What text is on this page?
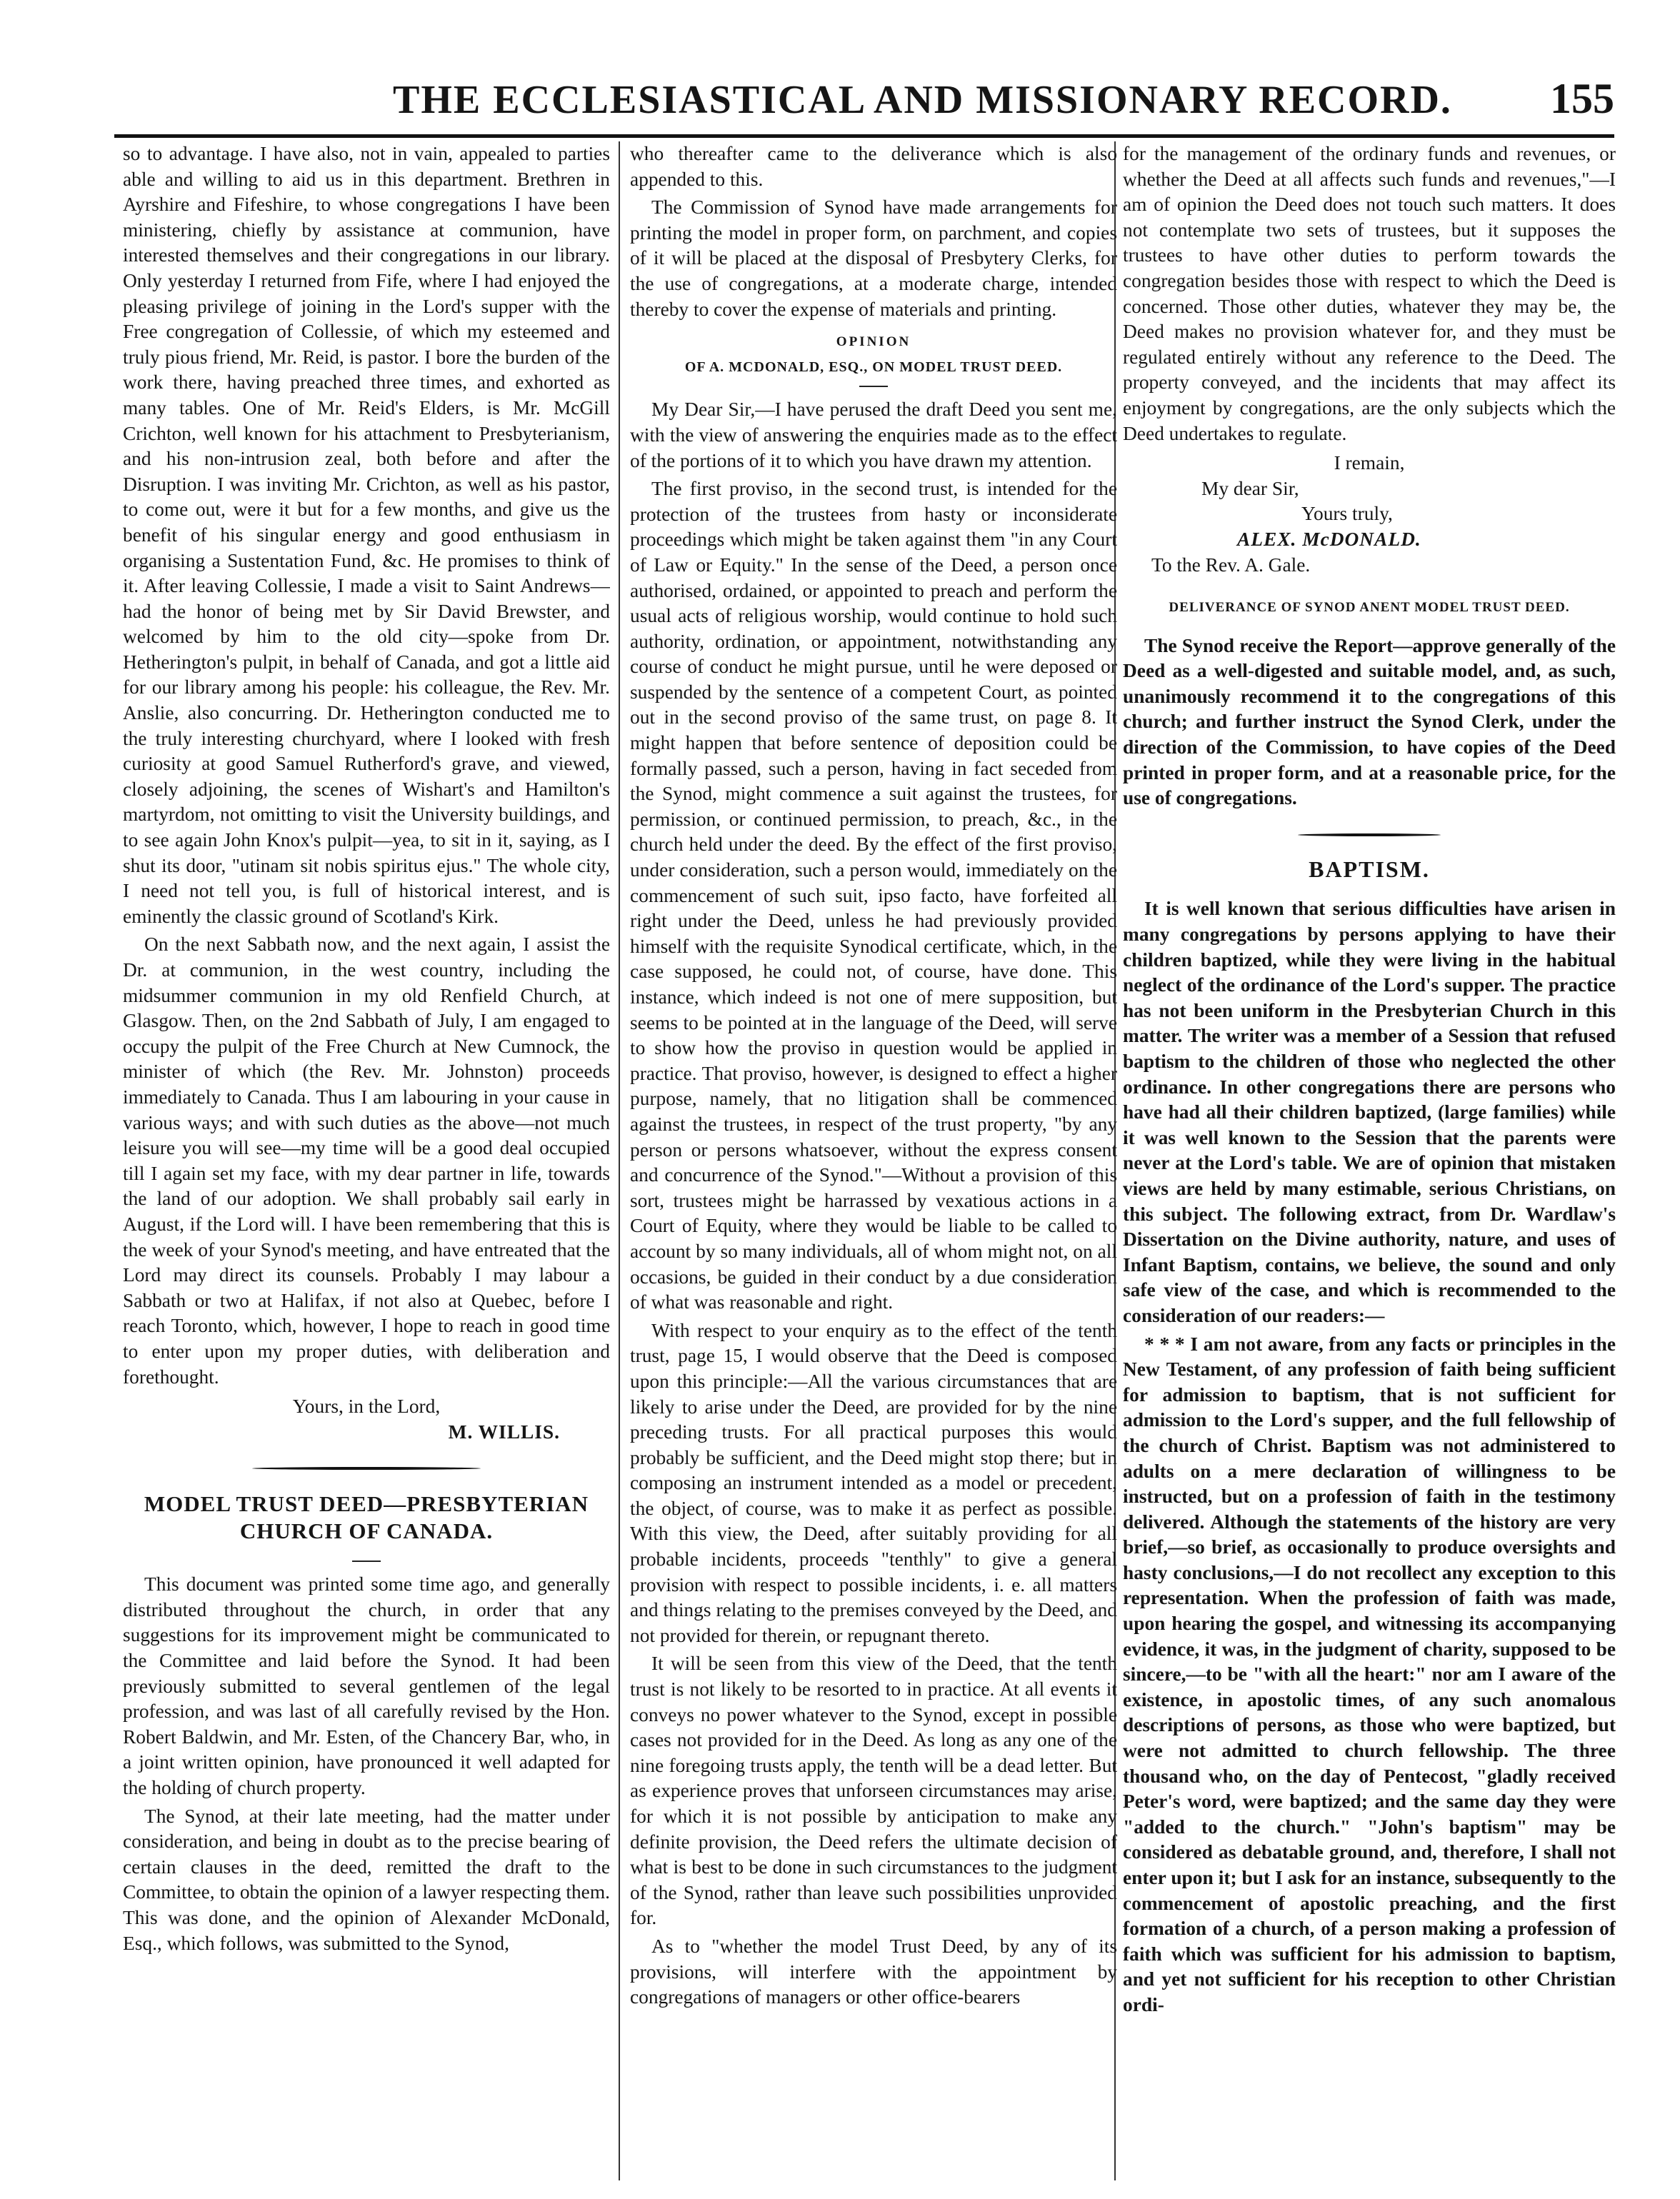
THE ECCLESIASTICAL AND MISSIONARY RECORD. 155

so to advantage. I have also, not in vain, appealed to parties able and willing to aid us in this department. Brethren in Ayrshire and Fifeshire, to whose congregations I have been ministering, chiefly by assistance at communion, have interested themselves and their congregations in our library. Only yesterday I returned from Fife, where I had enjoyed the pleasing privilege of joining in the Lord's supper with the Free congregation of Collessie, of which my esteemed and truly pious friend, Mr. Reid, is pastor. I bore the burden of the work there, having preached three times, and exhorted as many tables. One of Mr. Reid's Elders, is Mr. McGill Crichton, well known for his attachment to Presbyterianism, and his non-intrusion zeal, both before and after the Disruption. I was inviting Mr. Crichton, as well as his pastor, to come out, were it but for a few months, and give us the benefit of his singular energy and good enthusiasm in organising a Sustentation Fund, &c. He promises to think of it. After leaving Collessie, I made a visit to Saint Andrews—had the honor of being met by Sir David Brewster, and welcomed by him to the old city—spoke from Dr. Hetherington's pulpit, in behalf of Canada, and got a little aid for our library among his people: his colleague, the Rev. Mr. Anslie, also concurring. Dr. Hetherington conducted me to the truly interesting churchyard, where I looked with fresh curiosity at good Samuel Rutherford's grave, and viewed, closely adjoining, the scenes of Wishart's and Hamilton's martyrdom, not omitting to visit the University buildings, and to see again John Knox's pulpit—yea, to sit in it, saying, as I shut its door, "utinam sit nobis spiritus ejus." The whole city, I need not tell you, is full of historical interest, and is eminently the classic ground of Scotland's Kirk.

On the next Sabbath now, and the next again, I assist the Dr. at communion, in the west country, including the midsummer communion in my old Renfield Church, at Glasgow. Then, on the 2nd Sabbath of July, I am engaged to occupy the pulpit of the Free Church at New Cumnock, the minister of which (the Rev. Mr. Johnston) proceeds immediately to Canada. Thus I am labouring in your cause in various ways; and with such duties as the above—not much leisure you will see—my time will be a good deal occupied till I again set my face, with my dear partner in life, towards the land of our adoption. We shall probably sail early in August, if the Lord will. I have been remembering that this is the week of your Synod's meeting, and have entreated that the Lord may direct its counsels. Probably I may labour a Sabbath or two at Halifax, if not also at Quebec, before I reach Toronto, which, however, I hope to reach in good time to enter upon my proper duties, with deliberation and forethought.

Yours, in the Lord,
M. WILLIS.
MODEL TRUST DEED—PRESBYTERIAN CHURCH OF CANADA.

This document was printed some time ago, and generally distributed throughout the church, in order that any suggestions for its improvement might be communicated to the Committee and laid before the Synod. It had been previously submitted to several gentlemen of the legal profession, and was last of all carefully revised by the Hon. Robert Baldwin, and Mr. Esten, of the Chancery Bar, who, in a joint written opinion, have pronounced it well adapted for the holding of church property.

The Synod, at their late meeting, had the matter under consideration, and being in doubt as to the precise bearing of certain clauses in the deed, remitted the draft to the Committee, to obtain the opinion of a lawyer respecting them. This was done, and the opinion of Alexander McDonald, Esq., which follows, was submitted to the Synod,

who thereafter came to the deliverance which is also appended to this.

The Commission of Synod have made arrangements for printing the model in proper form, on parchment, and copies of it will be placed at the disposal of Presbytery Clerks, for the use of congregations, at a moderate charge, intended thereby to cover the expense of materials and printing.

OPINION
OF A. MCDONALD, ESQ., ON MODEL TRUST DEED.

My Dear Sir,—I have perused the draft Deed you sent me, with the view of answering the enquiries made as to the effect of the portions of it to which you have drawn my attention.

The first proviso, in the second trust, is intended for the protection of the trustees from hasty or inconsiderate proceedings which might be taken against them "in any Court of Law or Equity." In the sense of the Deed, a person once authorised, ordained, or appointed to preach and perform the usual acts of religious worship, would continue to hold such authority, ordination, or appointment, notwithstanding any course of conduct he might pursue, until he were deposed or suspended by the sentence of a competent Court, as pointed out in the second proviso of the same trust, on page 8. It might happen that before sentence of deposition could be formally passed, such a person, having in fact seceded from the Synod, might commence a suit against the trustees, for permission, or continued permission, to preach, &c., in the church held under the deed. By the effect of the first proviso, under consideration, such a person would, immediately on the commencement of such suit, ipso facto, have forfeited all right under the Deed, unless he had previously provided himself with the requisite Synodical certificate, which, in the case supposed, he could not, of course, have done. This instance, which indeed is not one of mere supposition, but seems to be pointed at in the language of the Deed, will serve to show how the proviso in question would be applied in practice. That proviso, however, is designed to effect a higher purpose, namely, that no litigation shall be commenced against the trustees, in respect of the trust property, "by any person or persons whatsoever, without the express consent and concurrence of the Synod."—Without a provision of this sort, trustees might be harrassed by vexatious actions in a Court of Equity, where they would be liable to be called to account by so many individuals, all of whom might not, on all occasions, be guided in their conduct by a due consideration of what was reasonable and right.

With respect to your enquiry as to the effect of the tenth trust, page 15, I would observe that the Deed is composed upon this principle:—All the various circumstances that are likely to arise under the Deed, are provided for by the nine preceding trusts. For all practical purposes this would probably be sufficient, and the Deed might stop there; but in composing an instrument intended as a model or precedent, the object, of course, was to make it as perfect as possible. With this view, the Deed, after suitably providing for all probable incidents, proceeds "tenthly" to give a general provision with respect to possible incidents, i. e. all matters and things relating to the premises conveyed by the Deed, and not provided for therein, or repugnant thereto.

It will be seen from this view of the Deed, that the tenth trust is not likely to be resorted to in practice. At all events it conveys no power whatever to the Synod, except in possible cases not provided for in the Deed. As long as any one of the nine foregoing trusts apply, the tenth will be a dead letter. But as experience proves that unforseen circumstances may arise, for which it is not possible by anticipation to make any definite provision, the Deed refers the ultimate decision of what is best to be done in such circumstances to the judgment of the Synod, rather than leave such possibilities unprovided for.

As to "whether the model Trust Deed, by any of its provisions, will interfere with the appointment by congregations of managers or other office-bearers

for the management of the ordinary funds and revenues, or whether the Deed at all affects such funds and revenues,"—I am of opinion the Deed does not touch such matters. It does not contemplate two sets of trustees, but it supposes the trustees to have other duties to perform towards the congregation besides those with respect to which the Deed is concerned. Those other duties, whatever they may be, the Deed makes no provision whatever for, and they must be regulated entirely without any reference to the Deed. The property conveyed, and the incidents that may affect its enjoyment by congregations, are the only subjects which the Deed undertakes to regulate.

I remain,
My dear Sir,
Yours truly,
ALEX. McDONALD.
To the Rev. A. Gale.
DELIVERANCE OF SYNOD ANENT MODEL TRUST DEED.

The Synod receive the Report—approve generally of the Deed as a well-digested and suitable model, and, as such, unanimously recommend it to the congregations of this church; and further instruct the Synod Clerk, under the direction of the Commission, to have copies of the Deed printed in proper form, and at a reasonable price, for the use of congregations.

BAPTISM.

It is well known that serious difficulties have arisen in many congregations by persons applying to have their children baptized, while they were living in the habitual neglect of the ordinance of the Lord's supper. The practice has not been uniform in the Presbyterian Church in this matter. The writer was a member of a Session that refused baptism to the children of those who neglected the other ordinance. In other congregations there are persons who have had all their children baptized, (large families) while it was well known to the Session that the parents were never at the Lord's table. We are of opinion that mistaken views are held by many estimable, serious Christians, on this subject. The following extract, from Dr. Wardlaw's Dissertation on the Divine authority, nature, and uses of Infant Baptism, contains, we believe, the sound and only safe view of the case, and which is recommended to the consideration of our readers:—

* * * I am not aware, from any facts or principles in the New Testament, of any profession of faith being sufficient for admission to baptism, that is not sufficient for admission to the Lord's supper, and the full fellowship of the church of Christ. Baptism was not administered to adults on a mere declaration of willingness to be instructed, but on a profession of faith in the testimony delivered. Although the statements of the history are very brief,—so brief, as occasionally to produce oversights and hasty conclusions,—I do not recollect any exception to this representation. When the profession of faith was made, upon hearing the gospel, and witnessing its accompanying evidence, it was, in the judgment of charity, supposed to be sincere,—to be "with all the heart:" nor am I aware of the existence, in apostolic times, of any such anomalous descriptions of persons, as those who were baptized, but were not admitted to church fellowship. The three thousand who, on the day of Pentecost, "gladly received Peter's word, were baptized; and the same day they were "added to the church." "John's baptism" may be considered as debatable ground, and, therefore, I shall not enter upon it; but I ask for an instance, subsequently to the commencement of apostolic preaching, and the first formation of a church, of a person making a profession of faith which was sufficient for his admission to baptism, and yet not sufficient for his reception to other Christian ordi-
